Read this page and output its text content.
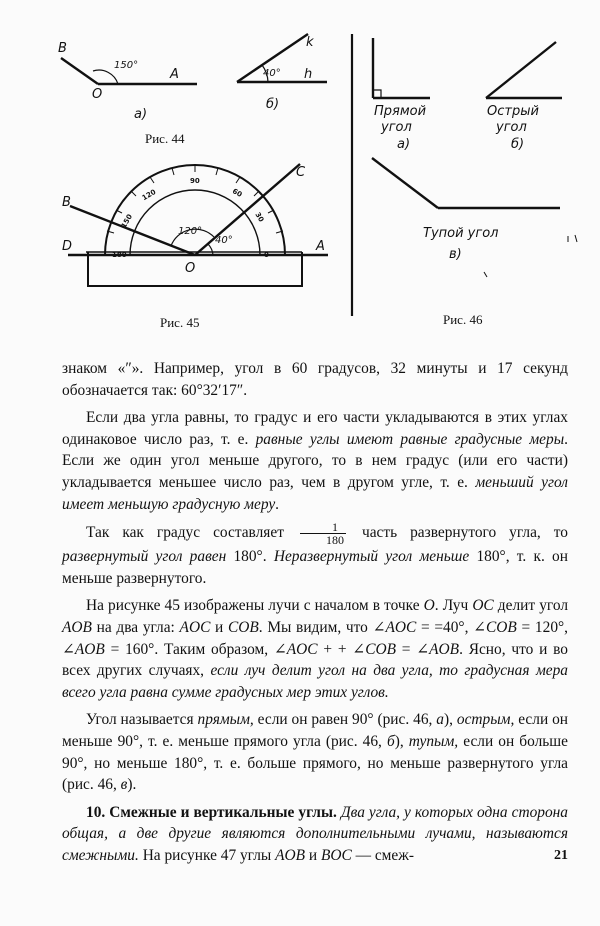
B
O
A
150°
а)
k
h
40°
б)
Рис. 44
B
C
D	A
O
120°
40°
180
150
120
90
60
30
0
Рис. 45
Прямой
угол
а)
Острый
угол
б)
Тупой угол
в)
Рис. 46

знаком «″». Например, угол в 60 градусов, 32 минуты и 17 секунд обозначается так: 60°32′17″.

Если два угла равны, то градус и его части укладываются в этих углах одинаковое число раз, т. е. равные углы имеют равные градусные меры. Если же один угол меньше другого, то в нем градус (или его части) укладывается меньшее число раз, чем в другом угле, т. е. меньший угол имеет меньшую градусную меру.

Так как градус составляет $\frac{1}{180}$ часть развернутого угла, то развернутый угол равен 180°. Неразвернутый угол меньше 180°, т. к. он меньше развернутого.

На рисунке 45 изображены лучи с началом в точке O. Луч OC делит угол AOB на два угла: AOC и COB. Мы видим, что ∠AOC = =40°, ∠COB = 120°, ∠AOB = 160°. Таким образом, ∠AOC + + ∠COB = ∠AOB. Ясно, что и во всех других случаях, если луч делит угол на два угла, то градусная мера всего угла равна сумме градусных мер этих углов.

Угол называется прямым, если он равен 90° (рис. 46, а), острым, если он меньше 90°, т. е. меньше прямого угла (рис. 46, б), тупым, если он больше 90°, но меньше 180°, т. е. больше прямого, но меньше развернутого угла (рис. 46, в).

10. Смежные и вертикальные углы. Два угла, у которых одна сторона общая, а две другие являются дополнительными лучами, называются смежными. На рисунке 47 углы AOB и BOC — смеж-	21
